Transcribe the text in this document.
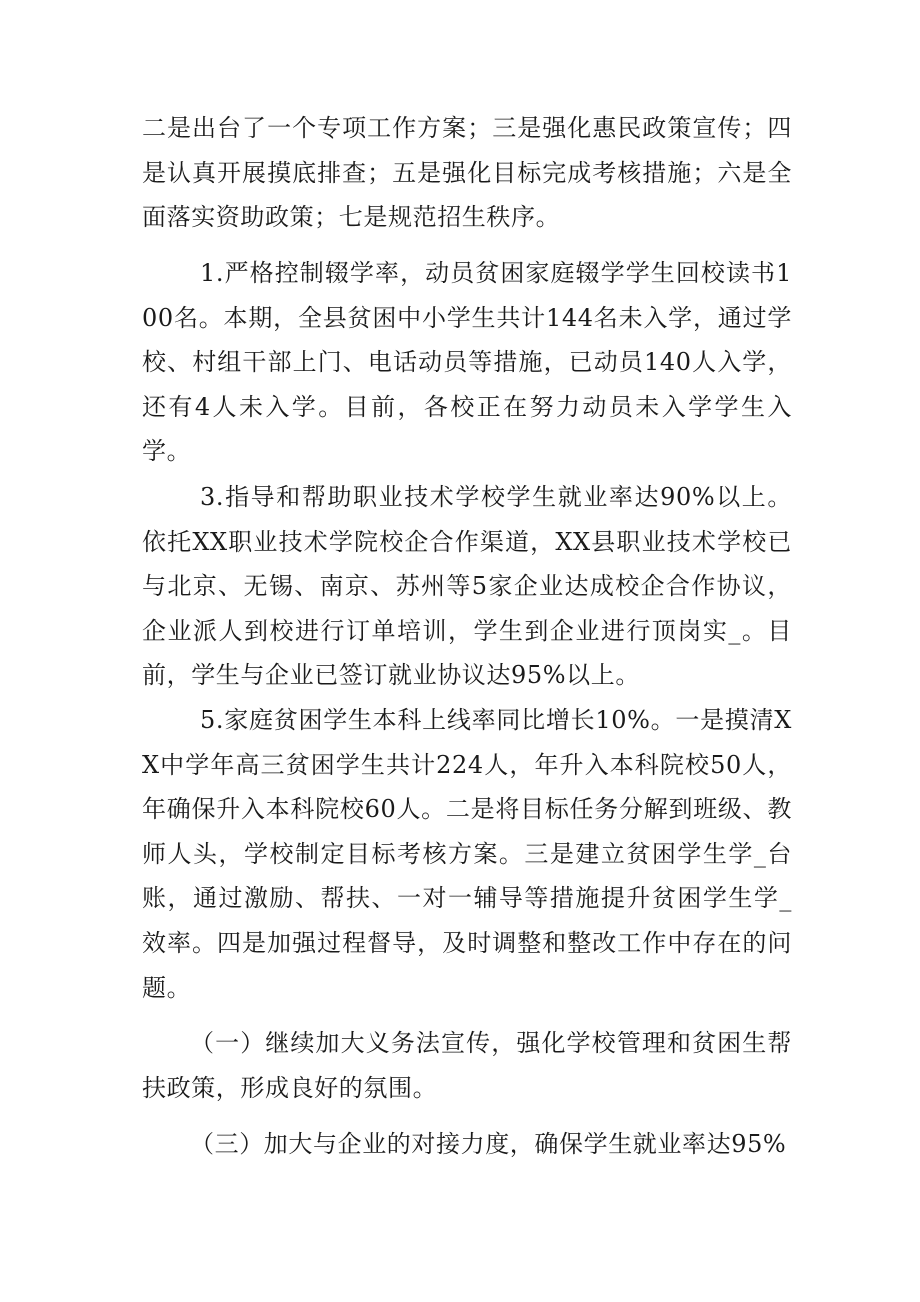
二是出台了一个专项工作方案；三是强化惠民政策宣传；四是认真开展摸底排查；五是强化目标完成考核措施；六是全面落实资助政策；七是规范招生秩序。

1.严格控制辍学率，动员贫困家庭辍学学生回校读书100名。本期，全县贫困中小学生共计144名未入学，通过学校、村组干部上门、电话动员等措施，已动员140人入学，还有4人未入学。目前，各校正在努力动员未入学学生入学。

3.指导和帮助职业技术学校学生就业率达90%以上。依托XX职业技术学院校企合作渠道，XX县职业技术学校已与北京、无锡、南京、苏州等5家企业达成校企合作协议，企业派人到校进行订单培训，学生到企业进行顶岗实_。目前，学生与企业已签订就业协议达95%以上。

5.家庭贫困学生本科上线率同比增长10%。一是摸清XX中学年高三贫困学生共计224人，年升入本科院校50人，年确保升入本科院校60人。二是将目标任务分解到班级、教师人头，学校制定目标考核方案。三是建立贫困学生学_台账，通过激励、帮扶、一对一辅导等措施提升贫困学生学_效率。四是加强过程督导，及时调整和整改工作中存在的问题。

（一）继续加大义务法宣传，强化学校管理和贫困生帮扶政策，形成良好的氛围。

（三）加大与企业的对接力度，确保学生就业率达95%
